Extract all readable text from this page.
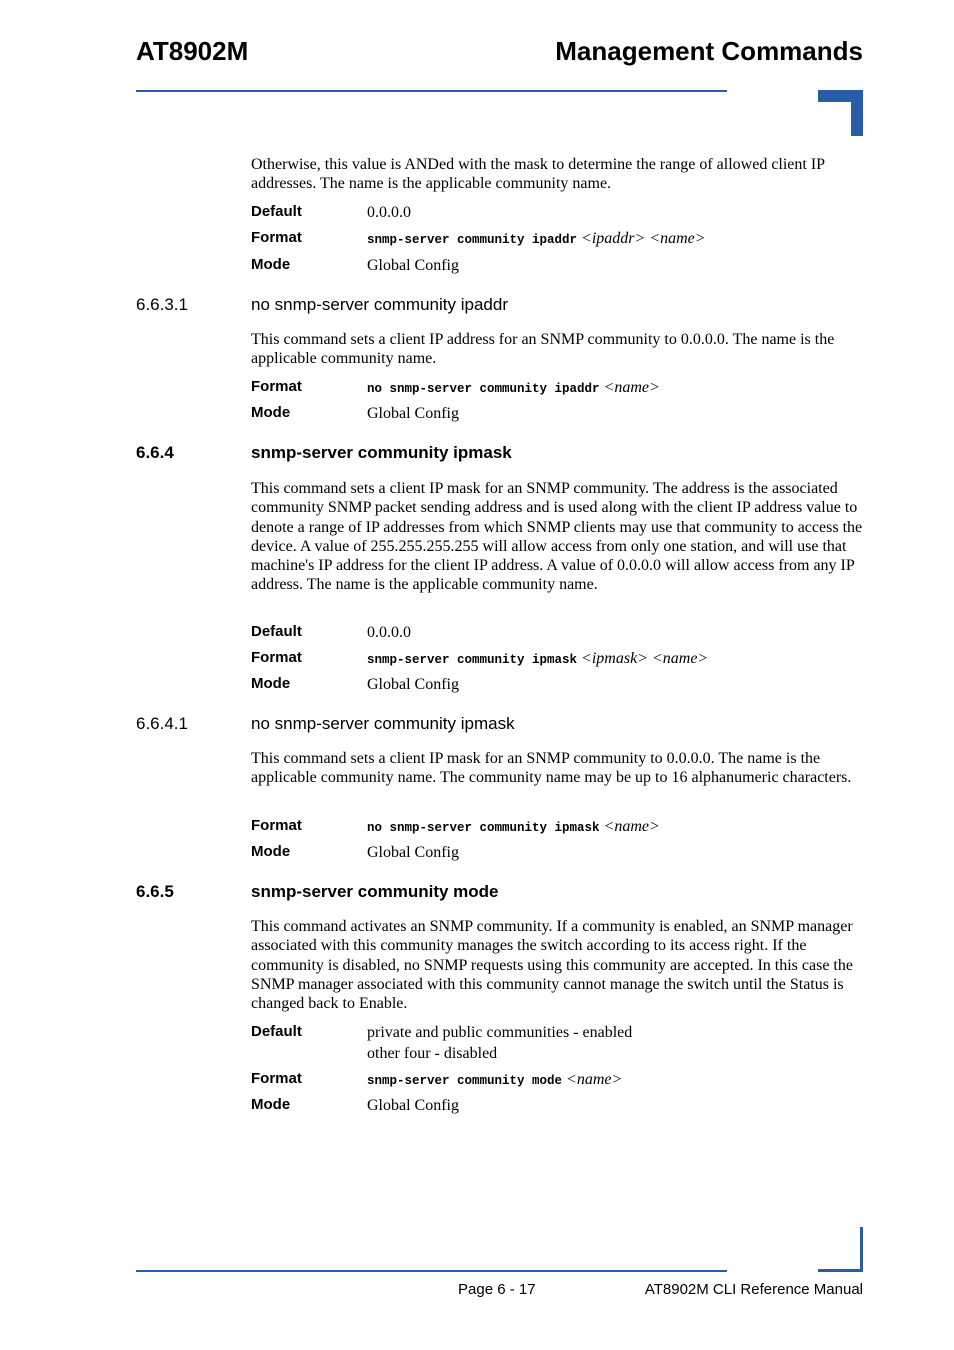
AT8902M	Management Commands
Otherwise, this value is ANDed with the mask to determine the range of allowed client IP addresses. The name is the applicable community name.
Default	0.0.0.0
Format	snmp-server community ipaddr <ipaddr> <name>
Mode	Global Config
6.6.3.1	no snmp-server community ipaddr
This command sets a client IP address for an SNMP community to 0.0.0.0. The name is the applicable community name.
Format	no snmp-server community ipaddr <name>
Mode	Global Config
6.6.4	snmp-server community ipmask
This command sets a client IP mask for an SNMP community. The address is the associated community SNMP packet sending address and is used along with the client IP address value to denote a range of IP addresses from which SNMP clients may use that community to access the device. A value of 255.255.255.255 will allow access from only one station, and will use that machine's IP address for the client IP address. A value of 0.0.0.0 will allow access from any IP address. The name is the applicable community name.
Default	0.0.0.0
Format	snmp-server community ipmask <ipmask> <name>
Mode	Global Config
6.6.4.1	no snmp-server community ipmask
This command sets a client IP mask for an SNMP community to 0.0.0.0. The name is the applicable community name. The community name may be up to 16 alphanumeric characters.
Format	no snmp-server community ipmask <name>
Mode	Global Config
6.6.5	snmp-server community mode
This command activates an SNMP community. If a community is enabled, an SNMP manager associated with this community manages the switch according to its access right. If the community is disabled, no SNMP requests using this community are accepted. In this case the SNMP manager associated with this community cannot manage the switch until the Status is changed back to Enable.
Default	private and public communities - enabled
other four - disabled
Format	snmp-server community mode <name>
Mode	Global Config
Page 6 - 17	AT8902M CLI Reference Manual
